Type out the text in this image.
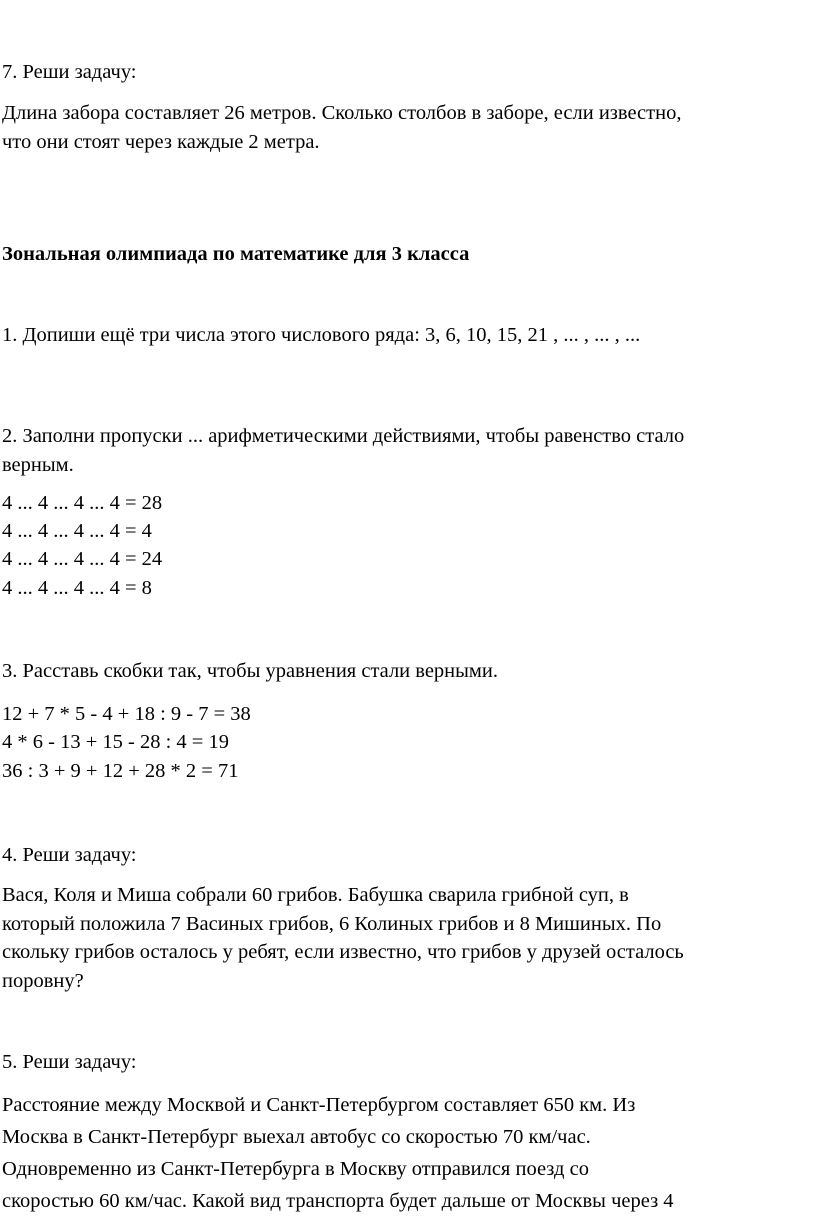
7. Реши задачу:
Длина забора составляет 26 метров. Сколько столбов в заборе, если известно,
что они стоят через каждые 2 метра.
Зональная олимпиада по математике для 3 класса
1. Допиши ещё три числа этого числового ряда: 3, 6, 10, 15, 21 , ... , ... , ...
2. Заполни пропуски ... арифметическими действиями, чтобы равенство стало
верным.
4 ... 4 ... 4 ... 4 = 28
4 ... 4 ... 4 ... 4 = 4
4 ... 4 ... 4 ... 4 = 24
4 ... 4 ... 4 ... 4 = 8
3. Расставь скобки так, чтобы уравнения стали верными.
12 + 7 * 5 - 4 + 18 : 9 - 7 = 38
4 * 6 - 13 + 15 - 28 : 4 = 19
36 : 3 + 9 + 12 + 28 * 2 = 71
4. Реши задачу:
Вася, Коля и Миша собрали 60 грибов. Бабушка сварила грибной суп, в
который положила 7 Васиных грибов, 6 Колиных грибов и 8 Мишиных. По
скольку грибов осталось у ребят, если известно, что грибов у друзей осталось
поровну?
5. Реши задачу:
Расстояние между Москвой и Санкт-Петербургом составляет 650 км. Из
Москва в Санкт-Петербург выехал автобус со скоростью 70 км/час.
Одновременно из Санкт-Петербурга в Москву отправился поезд со
скоростью 60 км/час. Какой вид транспорта будет дальше от Москвы через 4
